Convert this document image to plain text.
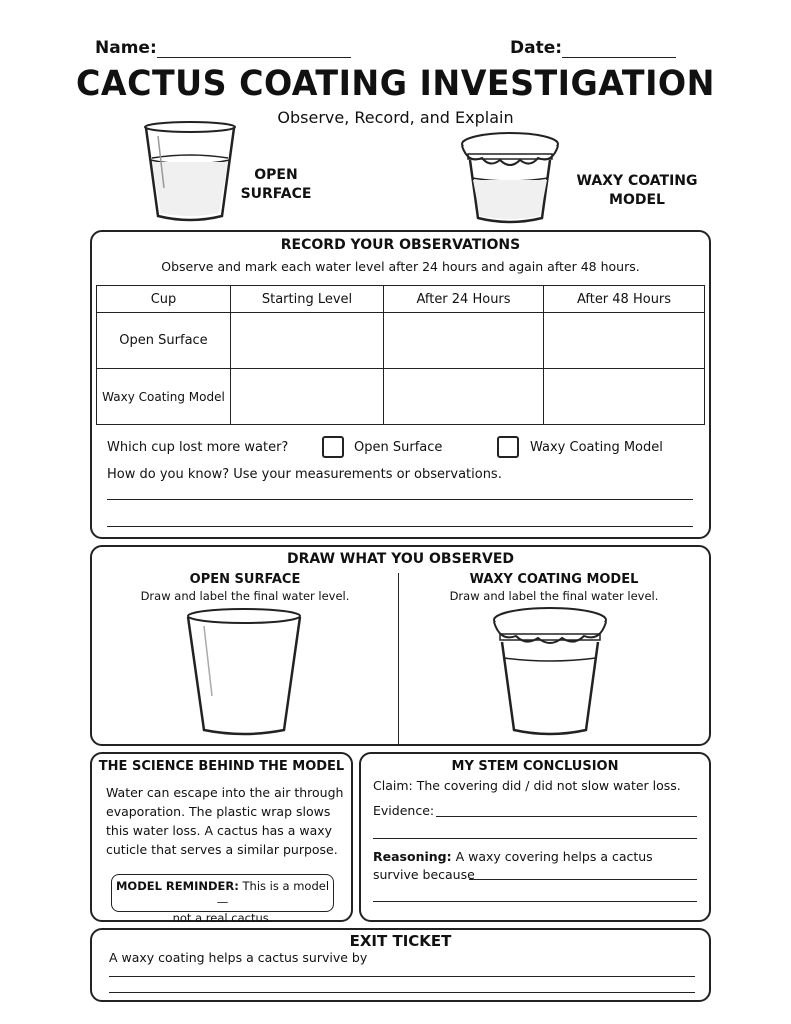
Name:	Date:
CACTUS COATING INVESTIGATION
Observe, Record, and Explain
OPEN
SURFACE
WAXY COATING
MODEL
RECORD YOUR OBSERVATIONS
Observe and mark each water level after 24 hours and again after 48 hours.
Cup	Starting Level	After 24 Hours	After 48 Hours
Open Surface			
Waxy Coating Model			
Which cup lost more water?	Open Surface	Waxy Coating Model
How do you know? Use your measurements or observations.
DRAW WHAT YOU OBSERVED
OPEN SURFACE
Draw and label the final water level.
WAXY COATING MODEL
Draw and label the final water level.
THE SCIENCE BEHIND THE MODEL
Water can escape into the air through
evaporation. The plastic wrap slows
this water loss. A cactus has a waxy
cuticle that serves a similar purpose.
MODEL REMINDER: This is a model—
not a real cactus.
MY STEM CONCLUSION
Claim: The covering did / did not slow water loss.
Evidence:
Reasoning: A waxy covering helps a cactus
survive because
EXIT TICKET
A waxy coating helps a cactus survive by
